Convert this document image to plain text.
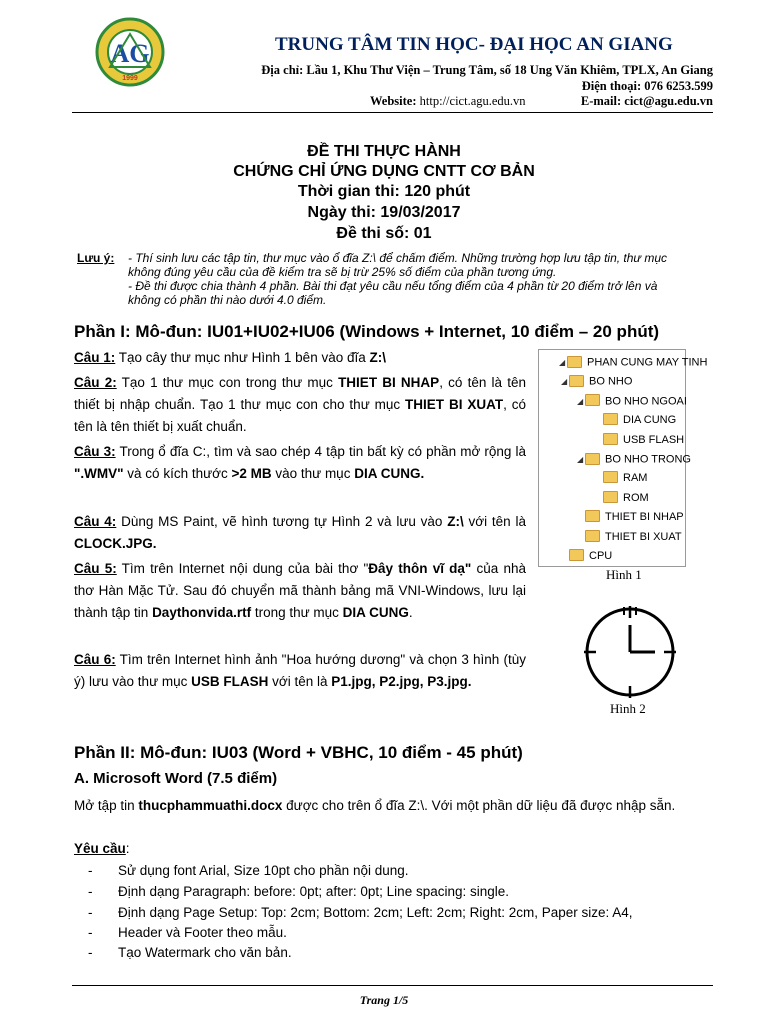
AG
1999
TRUNG TÂM TIN HỌC- ĐẠI HỌC AN GIANG
Địa chỉ: Lầu 1, Khu Thư Viện – Trung Tâm, số 18 Ung Văn Khiêm, TPLX, An Giang
Điện thoại: 076 6253.599
Website: http://cict.agu.edu.vn	E-mail: cict@agu.edu.vn
ĐỀ THI THỰC HÀNH
CHỨNG CHỈ ỨNG DỤNG CNTT CƠ BẢN
Thời gian thi: 120 phút
Ngày thi: 19/03/2017
Đề thi số: 01
Lưu ý: - Thí sinh lưu các tập tin, thư mục vào ổ đĩa Z:\ để chấm điểm. Những trường hợp lưu tập tin, thư mục
không đúng yêu cầu của đề kiểm tra sẽ bị trừ 25% số điểm của phần tương ứng.
- Đề thi được chia thành 4 phần. Bài thi đạt yêu cầu nếu tổng điểm của 4 phần từ 20 điểm trở lên và
không có phần thi nào dưới 4.0 điểm.
Phần I: Mô-đun: IU01+IU02+IU06 (Windows + Internet, 10 điểm – 20 phút)
Câu 1: Tạo cây thư mục như Hình 1 bên vào đĩa Z:\
Câu 2: Tạo 1 thư mục con trong thư mục THIET BI NHAP, có tên là tên thiết bị nhập chuẩn. Tạo 1 thư mục con cho thư mục THIET BI XUAT, có tên là tên thiết bị xuất chuẩn.
Câu 3: Trong ổ đĩa C:, tìm và sao chép 4 tập tin bất kỳ có phần mở rộng là ".WMV" và có kích thước >2 MB vào thư mục DIA CUNG.
Câu 4: Dùng MS Paint, vẽ hình tương tự Hình 2 và lưu vào Z:\ với tên là CLOCK.JPG.
Câu 5: Tìm trên Internet nội dung của bài thơ "Đây thôn vĩ dạ" của nhà thơ Hàn Mặc Tử. Sau đó chuyển mã thành bảng mã VNI-Windows, lưu lại thành tập tin Daythonvida.rtf trong thư mục DIA CUNG.
Câu 6: Tìm trên Internet hình ảnh "Hoa hướng dương" và chọn 3 hình (tùy ý) lưu vào thư mục USB FLASH với tên là P1.jpg, P2.jpg, P3.jpg.
◢ PHAN CUNG MAY TINH
◢ BO NHO
◢ BO NHO NGOAI
DIA CUNG
USB FLASH
◢ BO NHO TRONG
RAM
ROM
THIET BI NHAP
THIET BI XUAT
CPU
Hình 1
Hình 2
Phần II: Mô-đun: IU03 (Word + VBHC, 10 điểm - 45 phút)
A. Microsoft Word (7.5 điểm)
Mở tập tin thucphammuathi.docx được cho trên ổ đĩa Z:\. Với một phần dữ liệu đã được nhập sẵn.
Yêu cầu:
- Sử dụng font Arial, Size 10pt cho phần nội dung.
- Định dạng Paragraph: before: 0pt; after: 0pt; Line spacing: single.
- Định dạng Page Setup: Top: 2cm; Bottom: 2cm; Left: 2cm; Right: 2cm, Paper size: A4,
- Header và Footer theo mẫu.
- Tạo Watermark cho văn bản.
Trang 1/5
